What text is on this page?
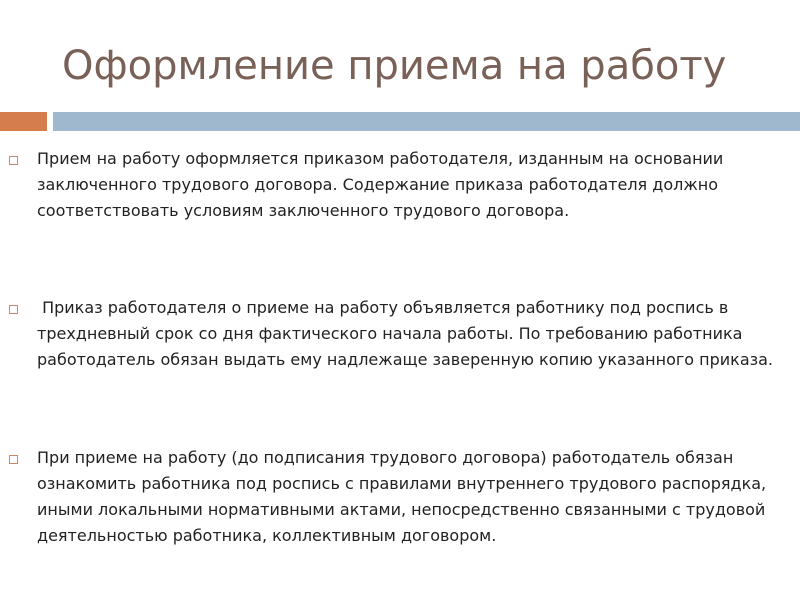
Оформление приема на работу

Прием на работу оформляется приказом работодателя, изданным на основании заключенного трудового договора. Содержание приказа работодателя должно соответствовать условиям заключенного трудового договора.

Приказ работодателя о приеме на работу объявляется работнику под роспись в трехдневный срок со дня фактического начала работы. По требованию работника работодатель обязан выдать ему надлежаще заверенную копию указанного приказа.

При приеме на работу (до подписания трудового договора) работодатель обязан ознакомить работника под роспись с правилами внутреннего трудового распорядка, иными локальными нормативными актами, непосредственно связанными с трудовой деятельностью работника, коллективным договором.
